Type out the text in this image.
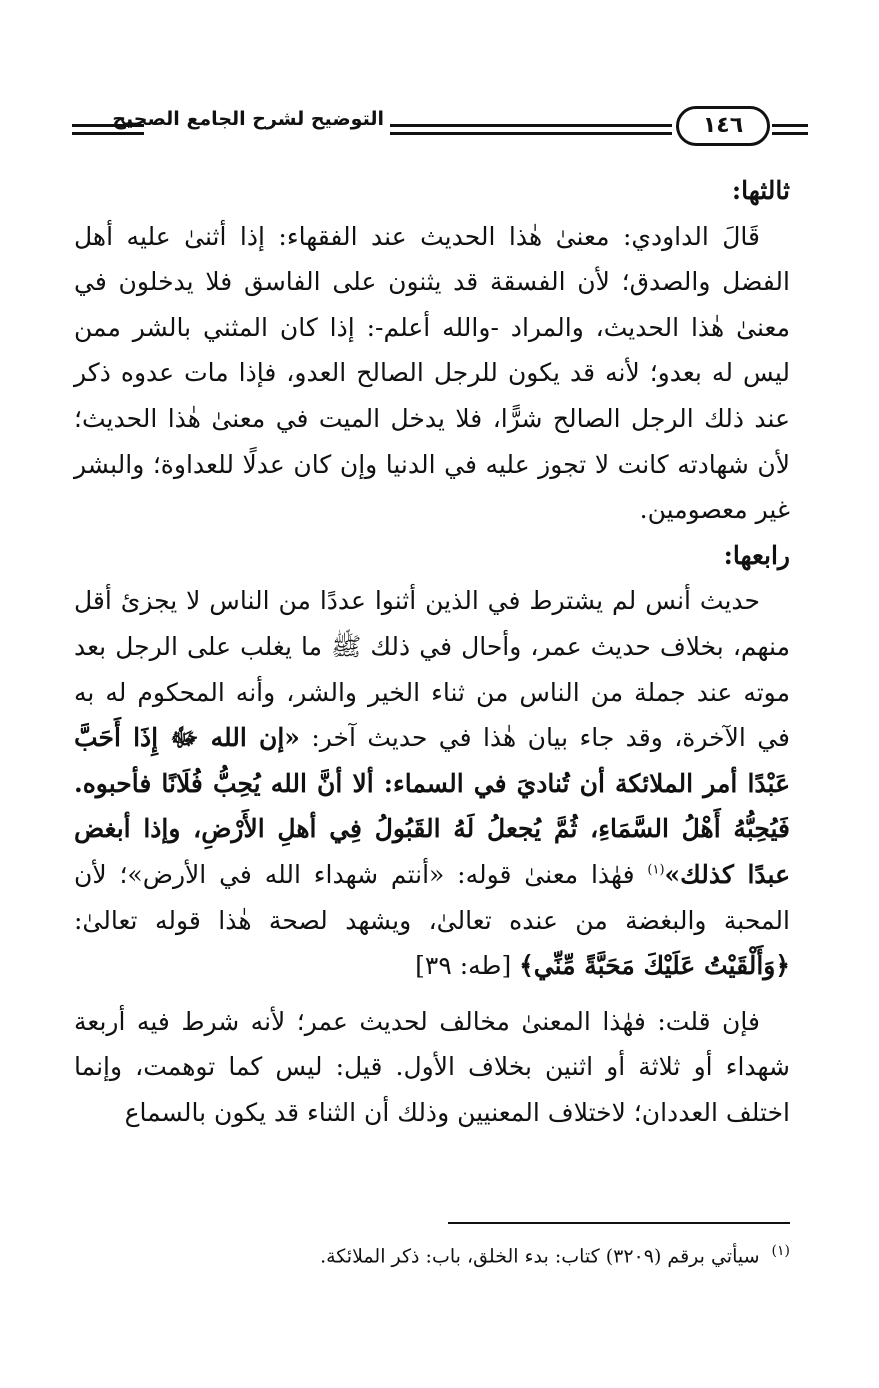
التوضيح لشرح الجامع الصحيح	١٤٦

ثالثها:

قَالَ الداودي: معنىٰ هٰذا الحديث عند الفقهاء: إذا أثنىٰ عليه أهل الفضل والصدق؛ لأن الفسقة قد يثنون على الفاسق فلا يدخلون في معنىٰ هٰذا الحديث، والمراد -والله أعلم-: إذا كان المثني بالشر ممن ليس له بعدو؛ لأنه قد يكون للرجل الصالح العدو، فإذا مات عدوه ذكر عند ذلك الرجل الصالح شرًّا، فلا يدخل الميت في معنىٰ هٰذا الحديث؛ لأن شهادته كانت لا تجوز عليه في الدنيا وإن كان عدلًا للعداوة؛ والبشر غير معصومين.

رابعها:

حديث أنس لم يشترط في الذين أثنوا عددًا من الناس لا يجزئ أقل منهم، بخلاف حديث عمر، وأحال في ذلك ﷺ ما يغلب على الرجل بعد موته عند جملة من الناس من ثناء الخير والشر، وأنه المحكوم له به في الآخرة، وقد جاء بيان هٰذا في حديث آخر: «إن الله ﷻ إِذَا أَحَبَّ عَبْدًا أمر الملائكة أن تُناديَ في السماء: ألا أنَّ الله يُحِبُّ فُلَانًا فأحبوه. فَيُحِبُّهُ أَهْلُ السَّمَاءِ، ثُمَّ يُجعلُ لَهُ القَبُولُ فِي أهلِ الأَرْضِ، وإذا أبغض عبدًا كذلك»$^{(١)}$ فهٰذا معنىٰ قوله: «أنتم شهداء الله في الأرض»؛ لأن المحبة والبغضة من عنده تعالىٰ، ويشهد لصحة هٰذا قوله تعالىٰ: ﴿وَأَلْقَيْتُ عَلَيْكَ مَحَبَّةً مِّنِّي﴾ [طه: ٣٩]

فإن قلت: فهٰذا المعنىٰ مخالف لحديث عمر؛ لأنه شرط فيه أربعة شهداء أو ثلاثة أو اثنين بخلاف الأول. قيل: ليس كما توهمت، وإنما اختلف العددان؛ لاختلاف المعنيين وذلك أن الثناء قد يكون بالسماع

$^{(١)}$سيأتي برقم (٣٢٠٩) كتاب: بدء الخلق، باب: ذكر الملائكة.
